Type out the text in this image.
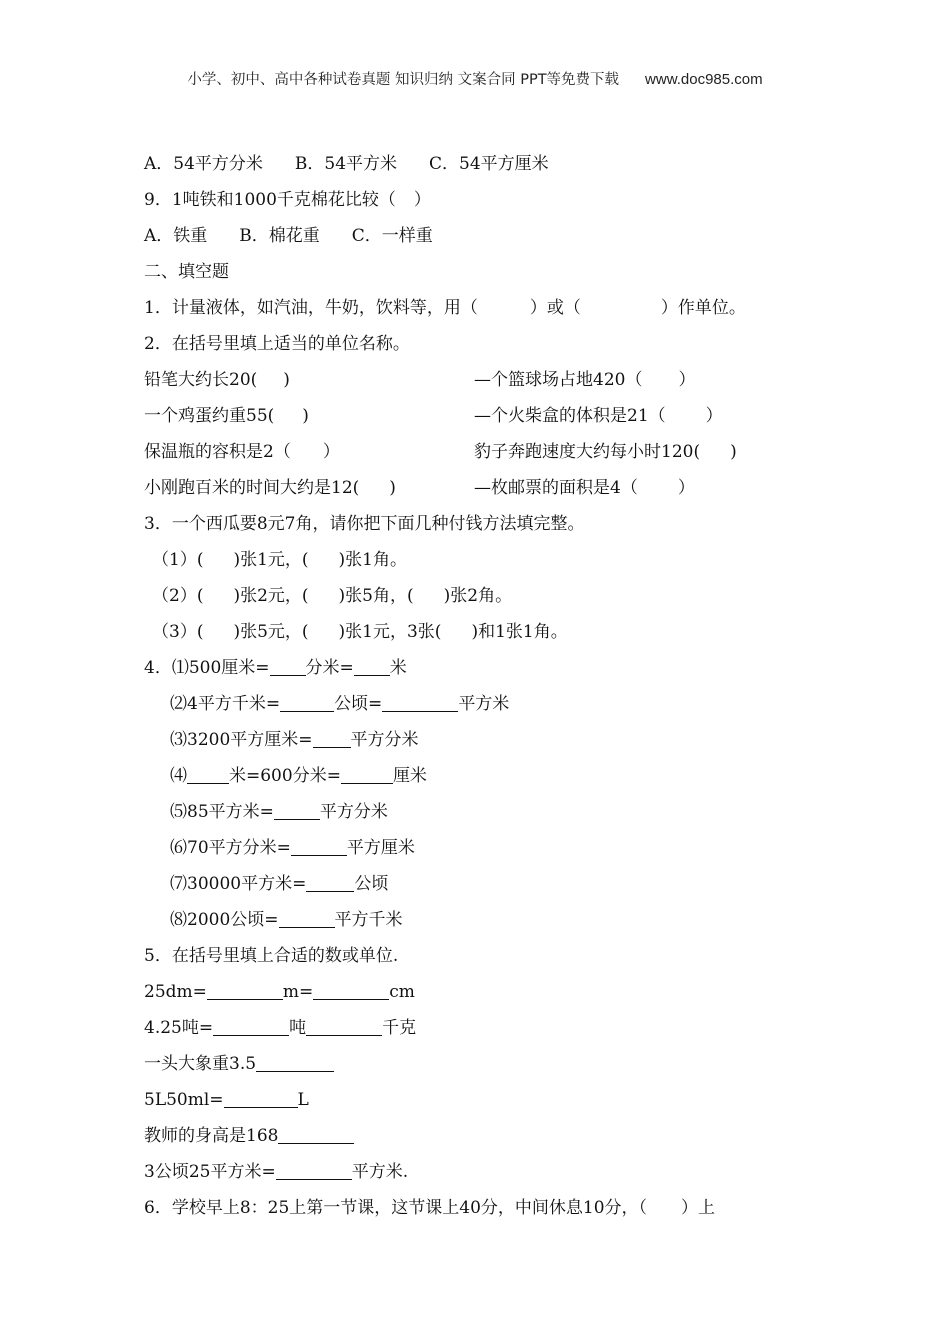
小学、初中、高中各种试卷真题 知识归纳 文案合同 PPT等免费下载 www.doc985.com
A．54平方分米 B．54平方米 C．54平方厘米
9．1吨铁和1000千克棉花比较（ ）
A．铁重 B．棉花重 C．一样重
二、填空题
1．计量液体，如汽油，牛奶，饮料等，用（	）或（	）作单位。
2．在括号里填上适当的单位名称。
铅笔大约长20( )	—个篮球场占地420（ ）
一个鸡蛋约重55( )	—个火柴盒的体积是21（ ）
保温瓶的容积是2（ ）	豹子奔跑速度大约每小时120( )
小刚跑百米的时间大约是12( )	—枚邮票的面积是4（ ）
3．一个西瓜要8元7角，请你把下面几种付钱方法填完整。
（1）( )张1元，( )张1角。
（2）( )张2元，( )张5角，( )张2角。
（3）( )张5元，( )张1元，3张( )和1张1角。
4．⑴500厘米= 分米= 米
⑵4平方千米=	公顷=	平方米
⑶3200平方厘米= 平方分米
⑷ 米=600分米=	厘米
⑸85平方米=	平方分米
⑹70平方分米=	平方厘米
⑺30000平方米=	公顷
⑻2000公顷=	平方千米
5．在括号里填上合适的数或单位.
25dm=	m=	cm
4.25吨=	吨	千克
一头大象重3.5
5L50ml=	L
教师的身高是168
3公顷25平方米=	平方米.
6．学校早上8：25上第一节课，这节课上40分，中间休息10分，（ ）上
